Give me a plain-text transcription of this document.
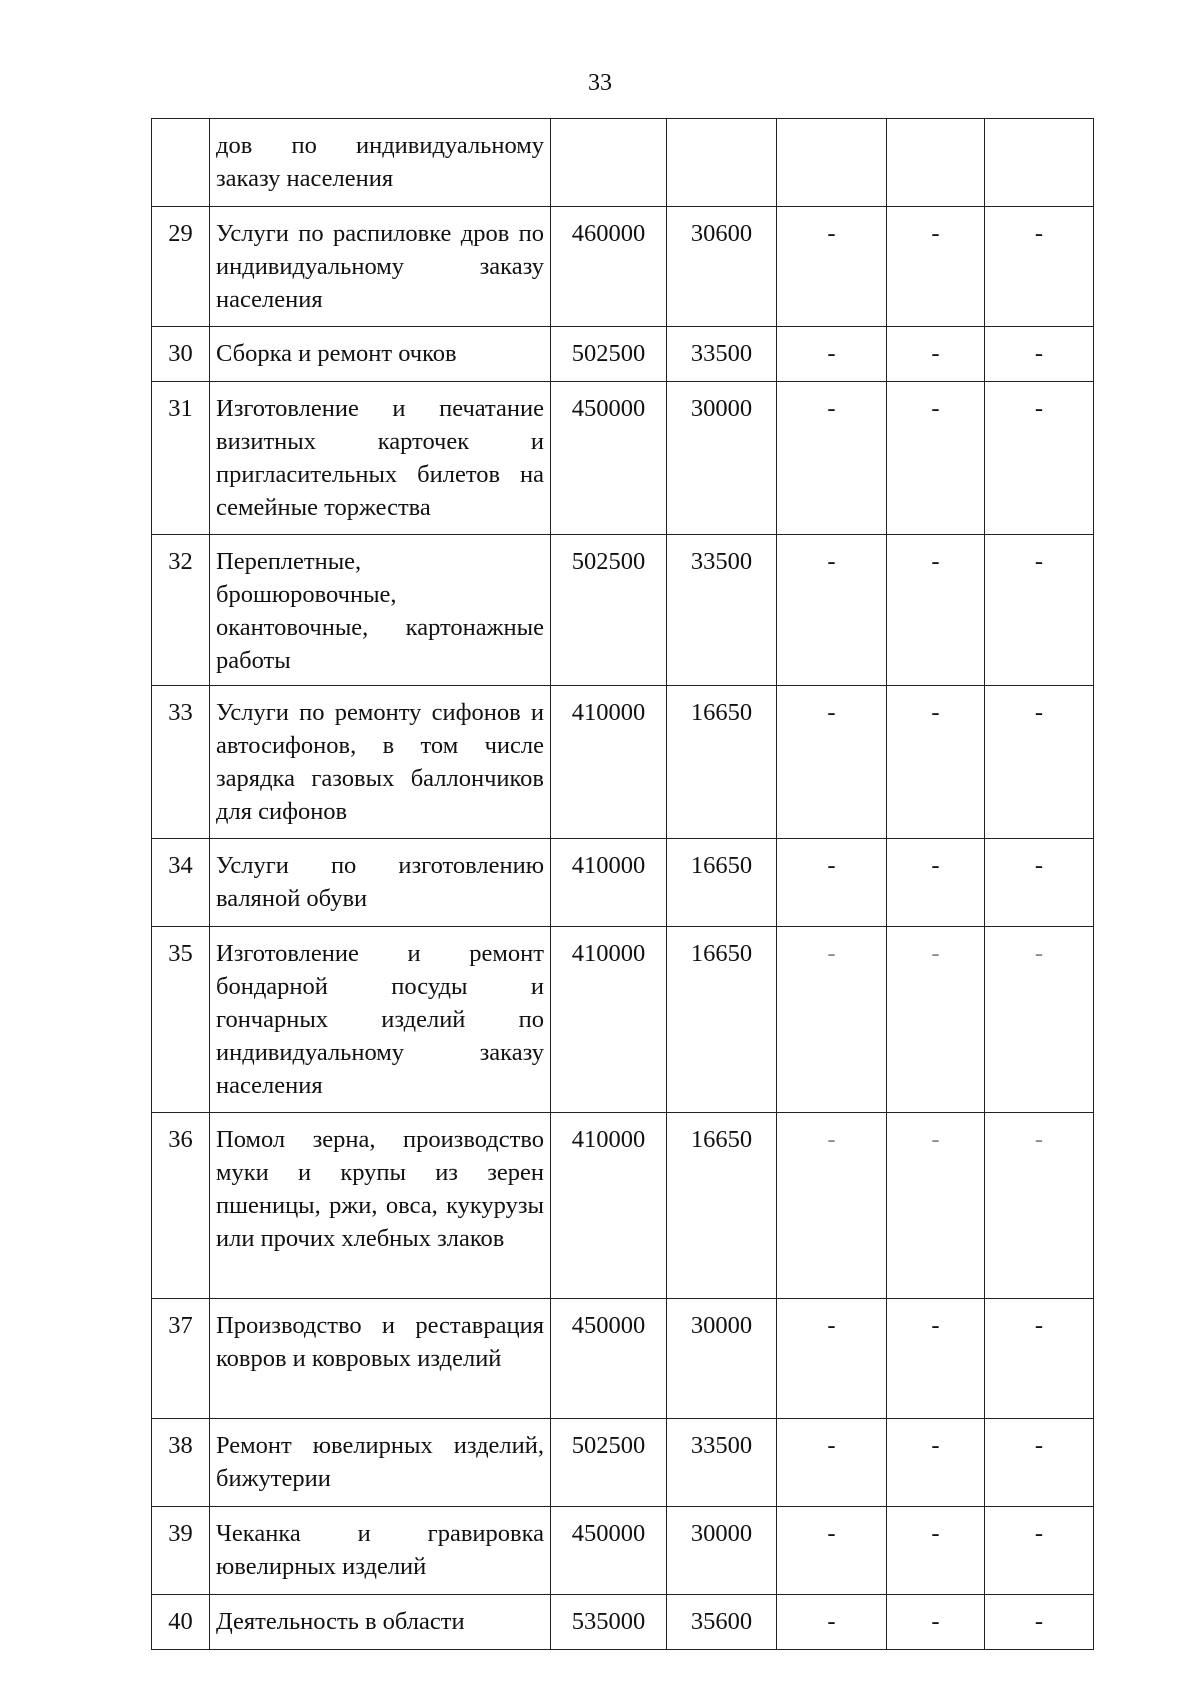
33
	дов по индивидуальному заказу населения					
29	Услуги по распиловке дров по индивидуальному заказу населения	460000	30600	-	-	-
30	Сборка и ремонт очков	502500	33500	-	-	-
31	Изготовление и печатание визитных карточек и пригласительных билетов на семейные торжества	450000	30000	-	-	-
32	Переплетные, брошюровочные, окантовочные, картонажные работы	502500	33500	-	-	-
33	Услуги по ремонту сифонов и автосифонов, в том числе зарядка газовых баллончиков для сифонов	410000	16650	-	-	-
34	Услуги по изготовлению валяной обуви	410000	16650	-	-	-
35	Изготовление и ремонт бондарной посуды и гончарных изделий по индивидуальному заказу населения	410000	16650	-	-	-
36	Помол зерна, производство муки и крупы из зерен пшеницы, ржи, овса, кукурузы или прочих хлебных злаков	410000	16650	-	-	-
37	Производство и реставрация ковров и ковровых изделий	450000	30000	-	-	-
38	Ремонт ювелирных изделий, бижутерии	502500	33500	-	-	-
39	Чеканка и гравировка ювелирных изделий	450000	30000	-	-	-
40	Деятельность в области	535000	35600	-	-	-
